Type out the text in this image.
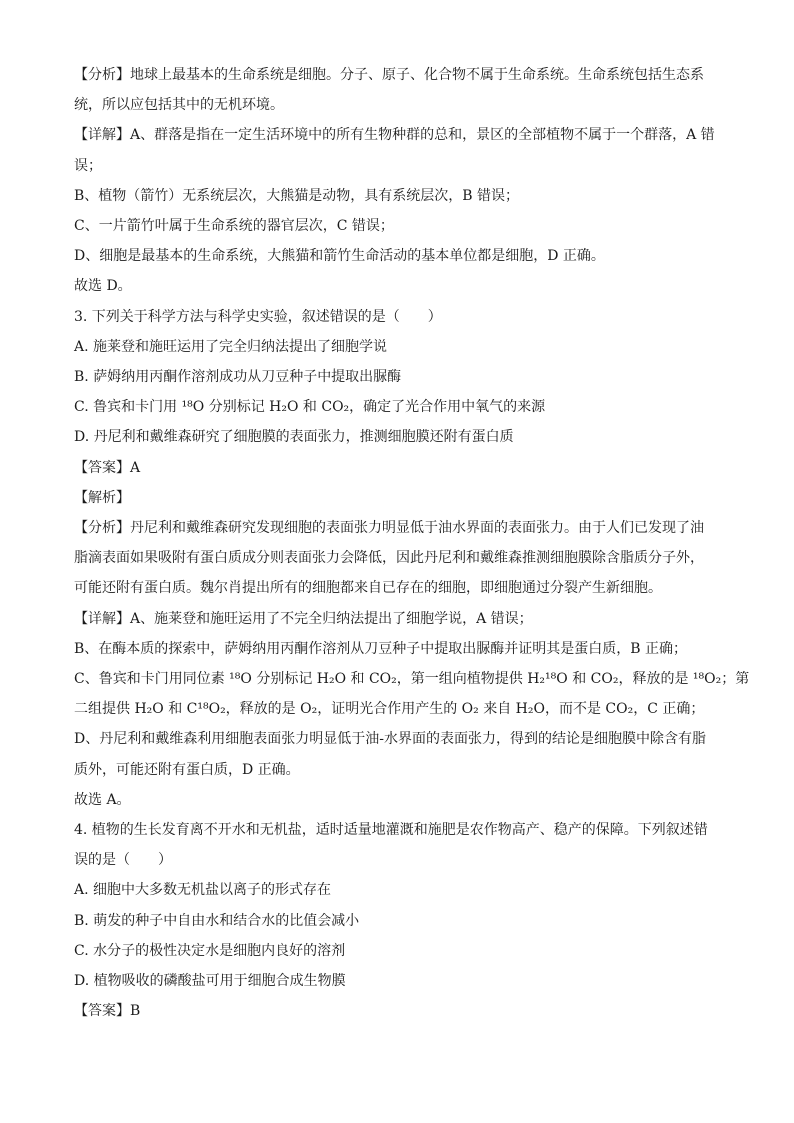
【分析】地球上最基本的生命系统是细胞。分子、原子、化合物不属于生命系统。生命系统包括生态系
统，所以应包括其中的无机环境。
【详解】A、群落是指在一定生活环境中的所有生物种群的总和，景区的全部植物不属于一个群落，A 错
误；
B、植物（箭竹）无系统层次，大熊猫是动物，具有系统层次，B 错误；
C、一片箭竹叶属于生命系统的器官层次，C 错误；
D、细胞是最基本的生命系统，大熊猫和箭竹生命活动的基本单位都是细胞，D 正确。
故选 D。
3. 下列关于科学方法与科学史实验，叙述错误的是（　　）
A. 施莱登和施旺运用了完全归纳法提出了细胞学说
B. 萨姆纳用丙酮作溶剂成功从刀豆种子中提取出脲酶
C. 鲁宾和卡门用 ¹⁸O 分别标记 H₂O 和 CO₂，确定了光合作用中氧气的来源
D. 丹尼利和戴维森研究了细胞膜的表面张力，推测细胞膜还附有蛋白质
【答案】A
【解析】
【分析】丹尼利和戴维森研究发现细胞的表面张力明显低于油水界面的表面张力。由于人们已发现了油
脂滴表面如果吸附有蛋白质成分则表面张力会降低，因此丹尼利和戴维森推测细胞膜除含脂质分子外，
可能还附有蛋白质。魏尔肖提出所有的细胞都来自已存在的细胞，即细胞通过分裂产生新细胞。
【详解】A、施莱登和施旺运用了不完全归纳法提出了细胞学说，A 错误；
B、在酶本质的探索中，萨姆纳用丙酮作溶剂从刀豆种子中提取出脲酶并证明其是蛋白质，B 正确；
C、鲁宾和卡门用同位素 ¹⁸O 分别标记 H₂O 和 CO₂，第一组向植物提供 H₂¹⁸O 和 CO₂，释放的是 ¹⁸O₂；第
二组提供 H₂O 和 C¹⁸O₂，释放的是 O₂，证明光合作用产生的 O₂ 来自 H₂O，而不是 CO₂，C 正确；
D、丹尼利和戴维森利用细胞表面张力明显低于油-水界面的表面张力，得到的结论是细胞膜中除含有脂
质外，可能还附有蛋白质，D 正确。
故选 A。
4. 植物的生长发育离不开水和无机盐，适时适量地灌溉和施肥是农作物高产、稳产的保障。下列叙述错
误的是（　　）
A. 细胞中大多数无机盐以离子的形式存在
B. 萌发的种子中自由水和结合水的比值会减小
C. 水分子的极性决定水是细胞内良好的溶剂
D. 植物吸收的磷酸盐可用于细胞合成生物膜
【答案】B
